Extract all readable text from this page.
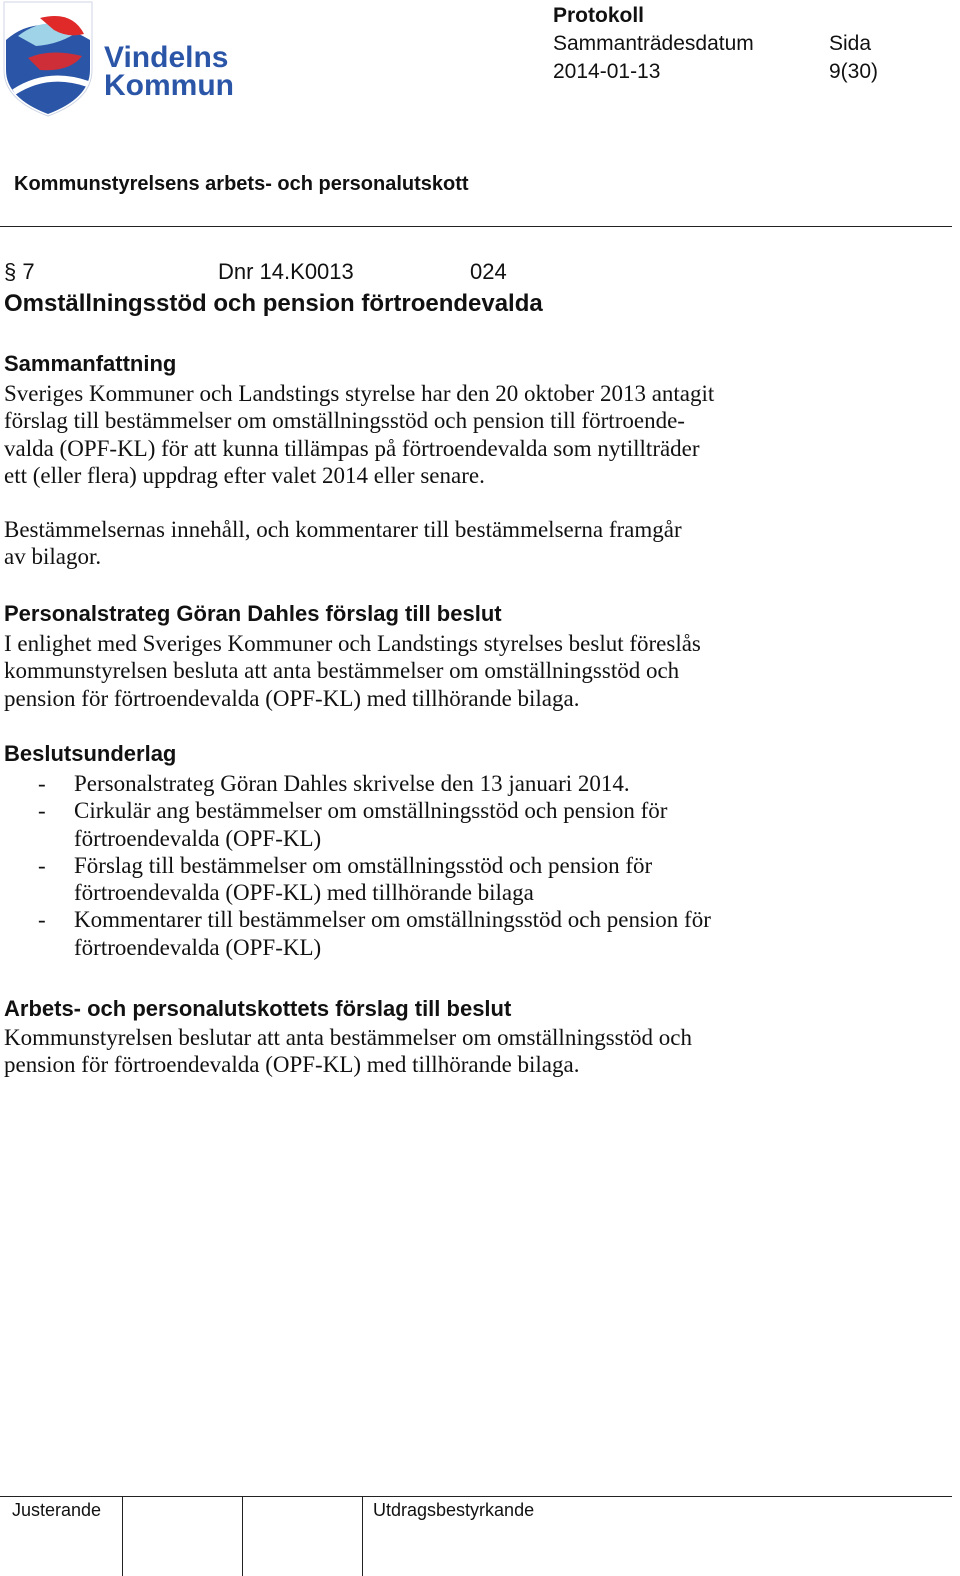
Vindelns
Kommun
Protokoll
Sammanträdesdatum	Sida
2014-01-13	9(30)
Kommunstyrelsens arbets- och personalutskott
§ 7	Dnr 14.K0013	024
Omställningsstöd och pension förtroendevalda
Sammanfattning
Sveriges Kommuner och Landstings styrelse har den 20 oktober 2013 antagit
förslag till bestämmelser om omställningsstöd och pension till förtroende-
valda (OPF-KL) för att kunna tillämpas på förtroendevalda som nytillträder
ett (eller flera) uppdrag efter valet 2014 eller senare.
Bestämmelsernas innehåll, och kommentarer till bestämmelserna framgår
av bilagor.
Personalstrateg Göran Dahles förslag till beslut
I enlighet med Sveriges Kommuner och Landstings styrelses beslut föreslås
kommunstyrelsen besluta att anta bestämmelser om omställningsstöd och
pension för förtroendevalda (OPF-KL) med tillhörande bilaga.
Beslutsunderlag
-	Personalstrateg Göran Dahles skrivelse den 13 januari 2014.
-	Cirkulär ang bestämmelser om omställningsstöd och pension för
förtroendevalda (OPF-KL)
-	Förslag till bestämmelser om omställningsstöd och pension för
förtroendevalda (OPF-KL) med tillhörande bilaga
-	Kommentarer till bestämmelser om omställningsstöd och pension för
förtroendevalda (OPF-KL)
Arbets- och personalutskottets förslag till beslut
Kommunstyrelsen beslutar att anta bestämmelser om omställningsstöd och
pension för förtroendevalda (OPF-KL) med tillhörande bilaga.
Justerande	Utdragsbestyrkande
